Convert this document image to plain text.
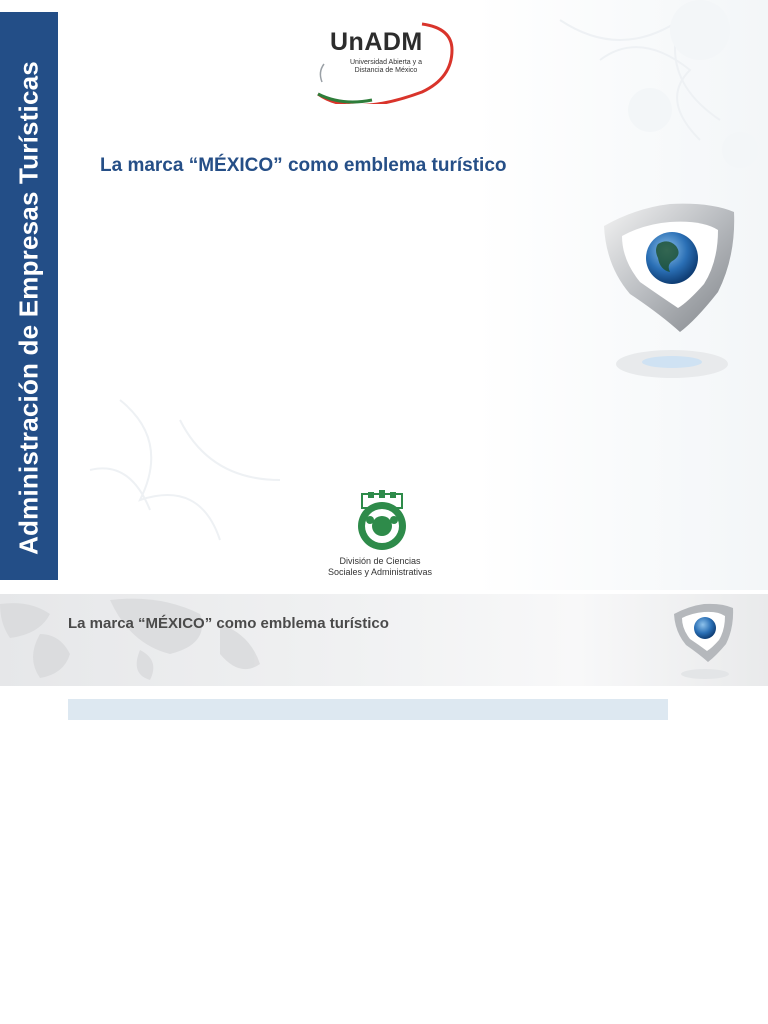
Administración de Empresas Turísticas
UnADM
Universidad Abierta y a
Distancia de México
La marca “MÉXICO” como emblema turístico
División de Ciencias
Sociales y Administrativas
La marca “MÉXICO” como emblema turístico
